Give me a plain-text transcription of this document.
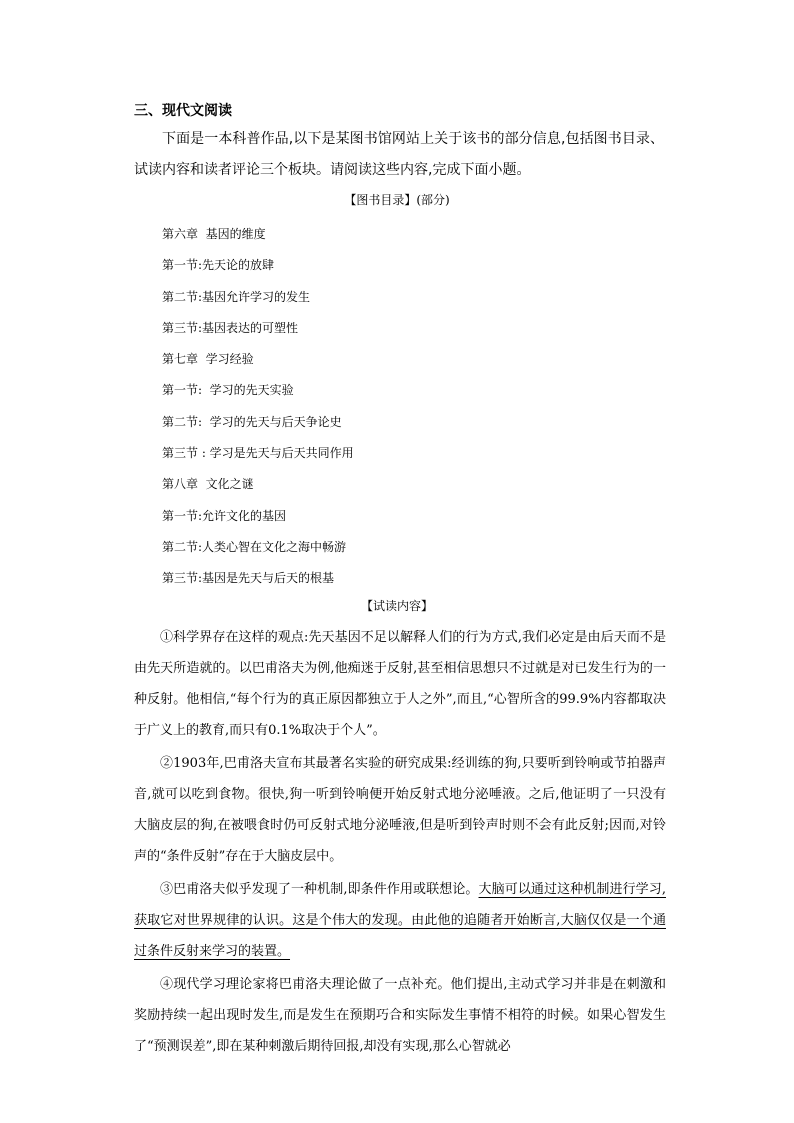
三、现代文阅读
下面是一本科普作品,以下是某图书馆网站上关于该书的部分信息,包括图书目录、试读内容和读者评论三个板块。请阅读这些内容,完成下面小题。
【图书目录】(部分)
第六章  基因的维度
第一节:先天论的放肆
第二节:基因允许学习的发生
第三节:基因表达的可塑性
第七章  学习经验
第一节:  学习的先天实验
第二节:  学习的先天与后天争论史
第三节 : 学习是先天与后天共同作用
第八章  文化之谜
第一节:允许文化的基因
第二节:人类心智在文化之海中畅游
第三节:基因是先天与后天的根基
【试读内容】

①科学界存在这样的观点:先天基因不足以解释人们的行为方式,我们必定是由后天而不是由先天所造就的。以巴甫洛夫为例,他痴迷于反射,甚至相信思想只不过就是对已发生行为的一种反射。他相信,“每个行为的真正原因都独立于人之外”,而且,“心智所含的99.9%内容都取决于广义上的教育,而只有0.1%取决于个人”。

②1903年,巴甫洛夫宣布其最著名实验的研究成果:经训练的狗,只要听到铃响或节拍器声音,就可以吃到食物。很快,狗一听到铃响便开始反射式地分泌唾液。之后,他证明了一只没有大脑皮层的狗,在被喂食时仍可反射式地分泌唾液,但是听到铃声时则不会有此反射;因而,对铃声的“条件反射”存在于大脑皮层中。

③巴甫洛夫似乎发现了一种机制,即条件作用或联想论。大脑可以通过这种机制进行学习,获取它对世界规律的认识。这是个伟大的发现。由此他的追随者开始断言,大脑仅仅是一个通过条件反射来学习的装置。

④现代学习理论家将巴甫洛夫理论做了一点补充。他们提出,主动式学习并非是在刺激和奖励持续一起出现时发生,而是发生在预期巧合和实际发生事情不相符的时候。如果心智发生了“预测误差”,即在某种刺激后期待回报,却没有实现,那么心智就必
